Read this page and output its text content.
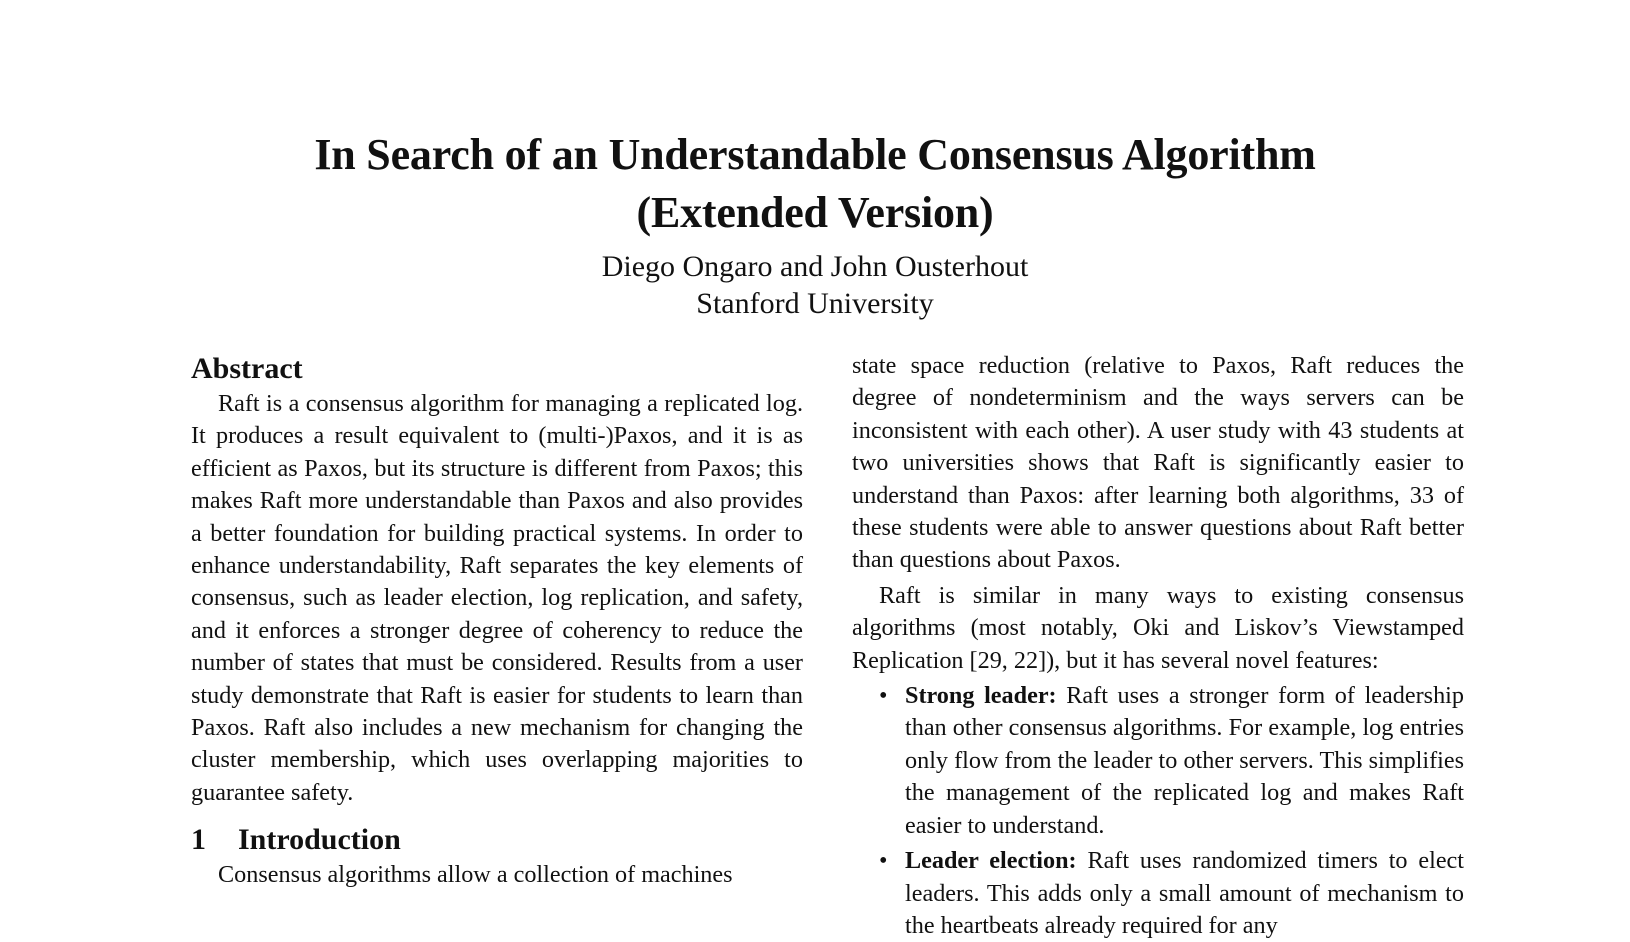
In Search of an Understandable Consensus Algorithm
(Extended Version)
Diego Ongaro and John Ousterhout
Stanford University
Abstract

Raft is a consensus algorithm for managing a replicated log. It produces a result equivalent to (multi-)Paxos, and it is as efficient as Paxos, but its structure is different from Paxos; this makes Raft more understandable than Paxos and also provides a better foundation for building practical systems. In order to enhance understandability, Raft separates the key elements of consensus, such as leader election, log replication, and safety, and it enforces a stronger degree of coherency to reduce the number of states that must be considered. Results from a user study demonstrate that Raft is easier for students to learn than Paxos. Raft also includes a new mechanism for changing the cluster membership, which uses overlapping majorities to guarantee safety.

1	Introduction

Consensus algorithms allow a collection of machines

state space reduction (relative to Paxos, Raft reduces the degree of nondeterminism and the ways servers can be inconsistent with each other). A user study with 43 students at two universities shows that Raft is significantly easier to understand than Paxos: after learning both algorithms, 33 of these students were able to answer questions about Raft better than questions about Paxos.

Raft is similar in many ways to existing consensus algorithms (most notably, Oki and Liskov’s Viewstamped Replication [29, 22]), but it has several novel features:

• Strong leader: Raft uses a stronger form of leadership than other consensus algorithms. For example, log entries only flow from the leader to other servers. This simplifies the management of the replicated log and makes Raft easier to understand.
• Leader election: Raft uses randomized timers to elect leaders. This adds only a small amount of mechanism to the heartbeats already required for any
